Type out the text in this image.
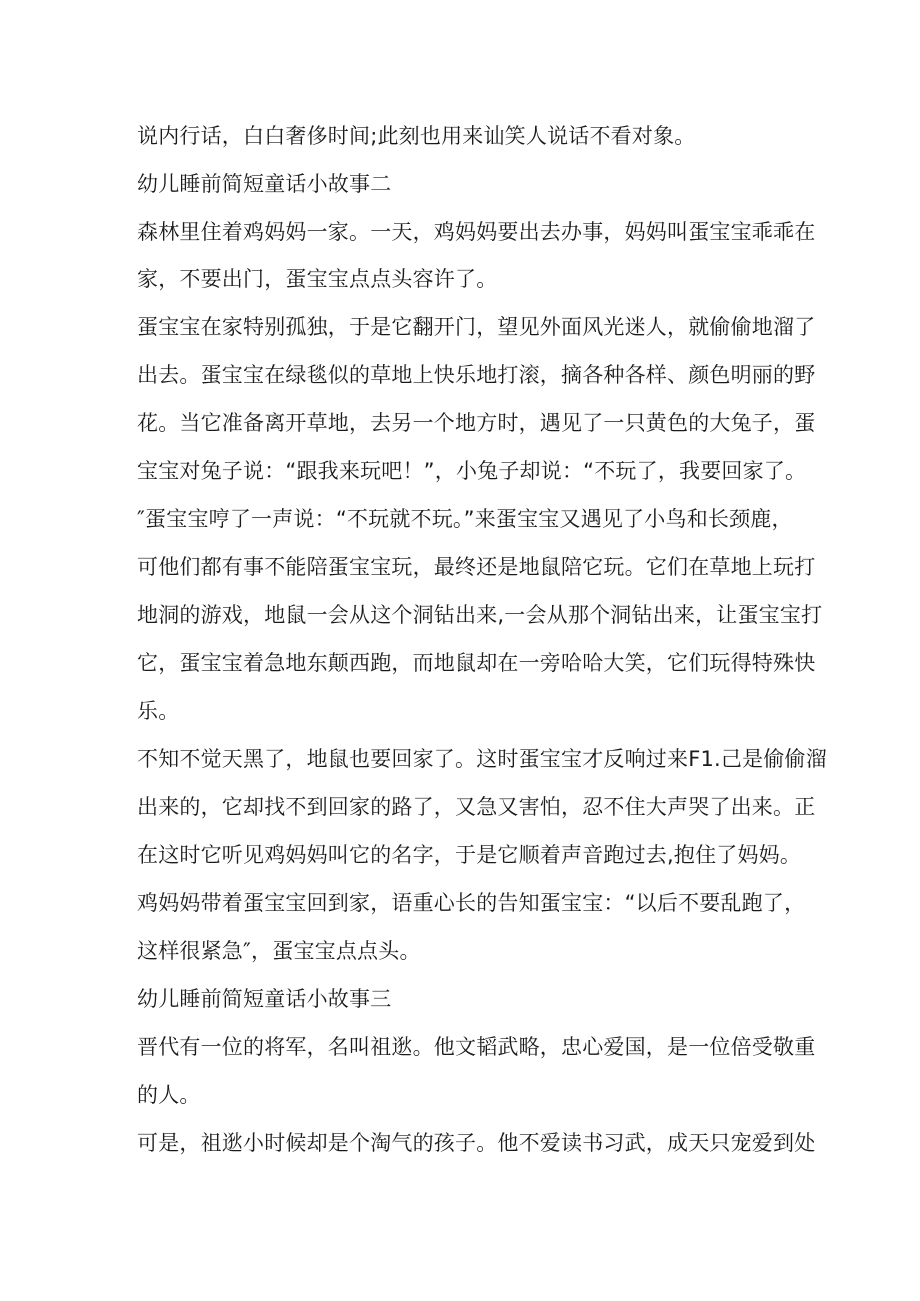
说内行话，白白奢侈时间;此刻也用来讪笑人说话不看对象。
幼儿睡前简短童话小故事二
森林里住着鸡妈妈一家。一天，鸡妈妈要出去办事，妈妈叫蛋宝宝乖乖在
家，不要出门，蛋宝宝点点头容许了。
蛋宝宝在家特别孤独，于是它翻开门，望见外面风光迷人，就偷偷地溜了
出去。蛋宝宝在绿毯似的草地上快乐地打滚，摘各种各样、颜色明丽的野
花。当它准备离开草地，去另一个地方时，遇见了一只黄色的大兔子，蛋
宝宝对兔子说：“跟我来玩吧！”，小兔子却说：“不玩了，我要回家了。
″蛋宝宝哼了一声说：“不玩就不玩。”来蛋宝宝又遇见了小鸟和长颈鹿，
可他们都有事不能陪蛋宝宝玩，最终还是地鼠陪它玩。它们在草地上玩打
地洞的游戏，地鼠一会从这个洞钻出来,一会从那个洞钻出来，让蛋宝宝打
它，蛋宝宝着急地东颠西跑，而地鼠却在一旁哈哈大笑，它们玩得特殊快
乐。
不知不觉天黑了，地鼠也要回家了。这时蛋宝宝才反响过来F1.己是偷偷溜
出来的，它却找不到回家的路了，又急又害怕，忍不住大声哭了出来。正
在这时它听见鸡妈妈叫它的名字，于是它顺着声音跑过去,抱住了妈妈。
鸡妈妈带着蛋宝宝回到家，语重心长的告知蛋宝宝：“以后不要乱跑了，
这样很紧急″，蛋宝宝点点头。
幼儿睡前简短童话小故事三
晋代有一位的将军，名叫祖逖。他文韬武略，忠心爱国，是一位倍受敬重
的人。
可是，祖逖小时候却是个淘气的孩子。他不爱读书习武，成天只宠爱到处
